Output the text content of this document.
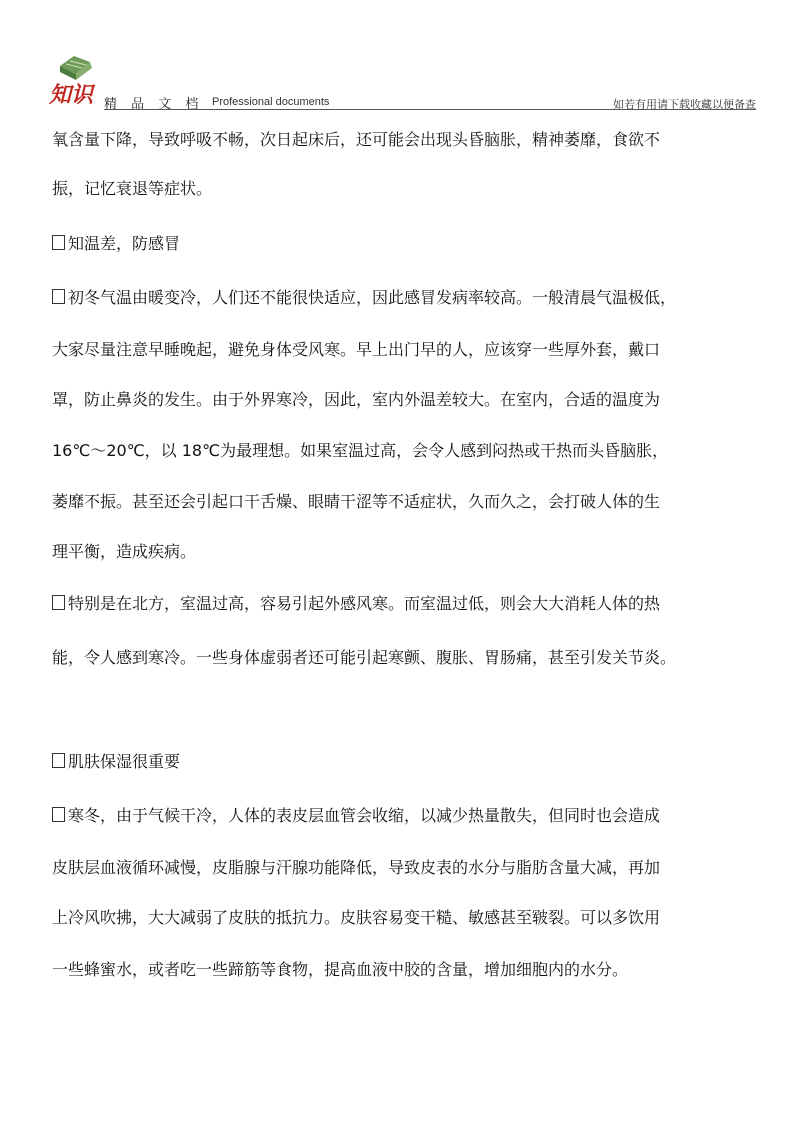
知识 精 品 文 档 Professional documents	如若有用请下载收藏以便备查
氧含量下降，导致呼吸不畅，次日起床后，还可能会出现头昏脑胀，精神萎靡，食欲不
振，记忆衰退等症状。
知温差，防感冒
初冬气温由暖变冷，人们还不能很快适应，因此感冒发病率较高。一般清晨气温极低，
大家尽量注意早睡晚起，避免身体受风寒。早上出门早的人，应该穿一些厚外套，戴口
罩，防止鼻炎的发生。由于外界寒冷，因此，室内外温差较大。在室内，合适的温度为
16℃～20℃，以 18℃为最理想。如果室温过高，会令人感到闷热或干热而头昏脑胀，
萎靡不振。甚至还会引起口干舌燥、眼睛干涩等不适症状，久而久之，会打破人体的生
理平衡，造成疾病。
特别是在北方，室温过高，容易引起外感风寒。而室温过低，则会大大消耗人体的热
能，令人感到寒冷。一些身体虚弱者还可能引起寒颤、腹胀、胃肠痛，甚至引发关节炎。
肌肤保湿很重要
寒冬，由于气候干冷，人体的表皮层血管会收缩，以减少热量散失，但同时也会造成
皮肤层血液循环减慢，皮脂腺与汗腺功能降低，导致皮表的水分与脂肪含量大减，再加
上冷风吹拂，大大减弱了皮肤的抵抗力。皮肤容易变干糙、敏感甚至皲裂。可以多饮用
一些蜂蜜水，或者吃一些蹄筋等食物，提高血液中胶的含量，增加细胞内的水分。
